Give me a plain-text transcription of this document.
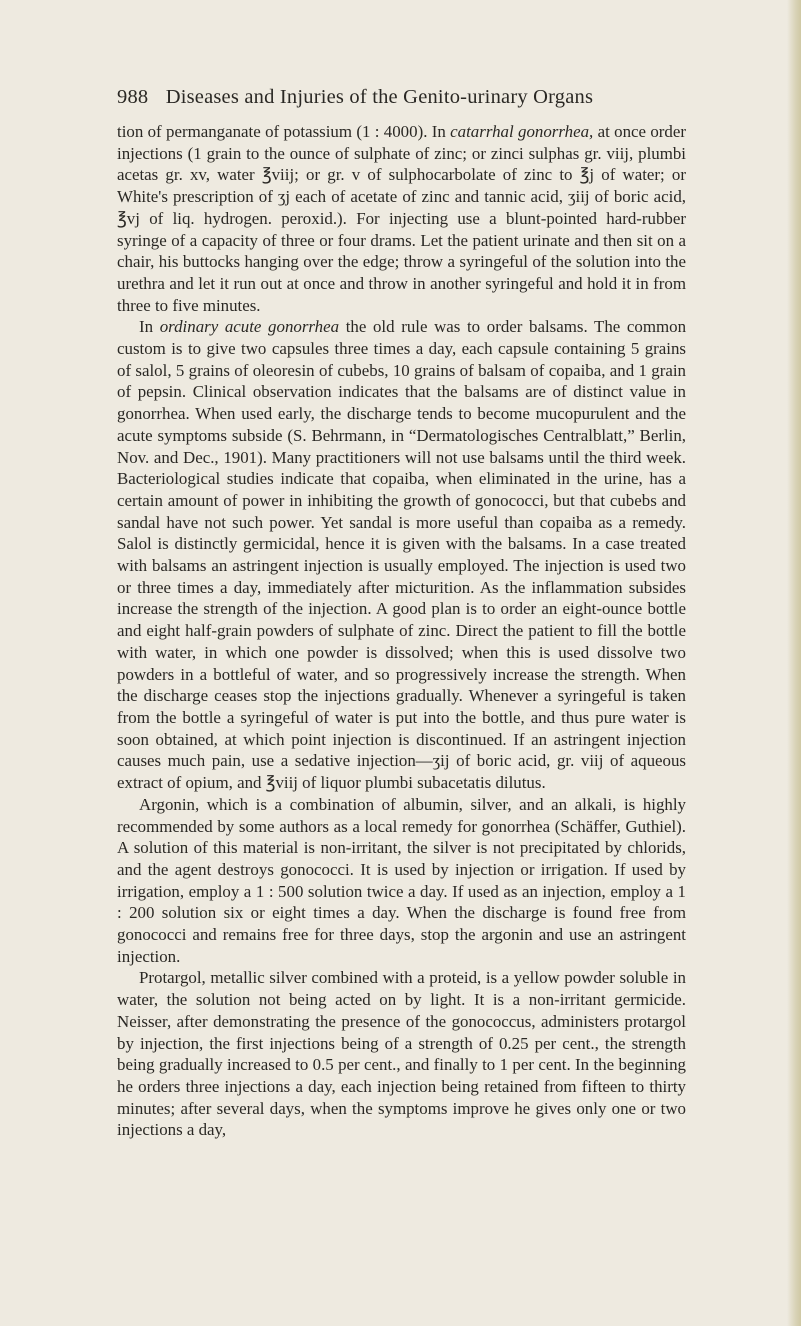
988 Diseases and Injuries of the Genito-urinary Organs

tion of permanganate of potassium (1 : 4000). In catarrhal gonorrhea, at once order injections (1 grain to the ounce of sulphate of zinc; or zinci sulphas gr. viij, plumbi acetas gr. xv, water ℥viij; or gr. v of sulphocarbolate of zinc to ℥j of water; or White's prescription of ʒj each of acetate of zinc and tannic acid, ʒiij of boric acid, ℥vj of liq. hydrogen. peroxid.). For injecting use a blunt-pointed hard-rubber syringe of a capacity of three or four drams. Let the patient urinate and then sit on a chair, his buttocks hanging over the edge; throw a syringeful of the solution into the urethra and let it run out at once and throw in another syringeful and hold it in from three to five minutes.

In ordinary acute gonorrhea the old rule was to order balsams. The common custom is to give two capsules three times a day, each capsule containing 5 grains of salol, 5 grains of oleoresin of cubebs, 10 grains of balsam of copaiba, and 1 grain of pepsin. Clinical observation indicates that the balsams are of distinct value in gonorrhea. When used early, the discharge tends to become mucopurulent and the acute symptoms subside (S. Behrmann, in “Dermatologisches Centralblatt,” Berlin, Nov. and Dec., 1901). Many practitioners will not use balsams until the third week. Bacteriological studies indicate that copaiba, when eliminated in the urine, has a certain amount of power in inhibiting the growth of gonococci, but that cubebs and sandal have not such power. Yet sandal is more useful than copaiba as a remedy. Salol is distinctly germicidal, hence it is given with the balsams. In a case treated with balsams an astringent injection is usually employed. The injection is used two or three times a day, immediately after micturition. As the inflammation subsides increase the strength of the injection. A good plan is to order an eight-ounce bottle and eight half-grain powders of sulphate of zinc. Direct the patient to fill the bottle with water, in which one powder is dissolved; when this is used dissolve two powders in a bottleful of water, and so progressively increase the strength. When the discharge ceases stop the injections gradually. Whenever a syringeful is taken from the bottle a syringeful of water is put into the bottle, and thus pure water is soon obtained, at which point injection is discontinued. If an astringent injection causes much pain, use a sedative injection—ʒij of boric acid, gr. viij of aqueous extract of opium, and ℥viij of liquor plumbi subacetatis dilutus.

Argonin, which is a combination of albumin, silver, and an alkali, is highly recommended by some authors as a local remedy for gonorrhea (Schäffer, Guthiel). A solution of this material is non-irritant, the silver is not precipitated by chlorids, and the agent destroys gonococci. It is used by injection or irrigation. If used by irrigation, employ a 1 : 500 solution twice a day. If used as an injection, employ a 1 : 200 solution six or eight times a day. When the discharge is found free from gonococci and remains free for three days, stop the argonin and use an astringent injection.

Protargol, metallic silver combined with a proteid, is a yellow powder soluble in water, the solution not being acted on by light. It is a non-irritant germicide. Neisser, after demonstrating the presence of the gonococcus, administers protargol by injection, the first injections being of a strength of 0.25 per cent., the strength being gradually increased to 0.5 per cent., and finally to 1 per cent. In the beginning he orders three injections a day, each injection being retained from fifteen to thirty minutes; after several days, when the symptoms improve he gives only one or two injections a day,
